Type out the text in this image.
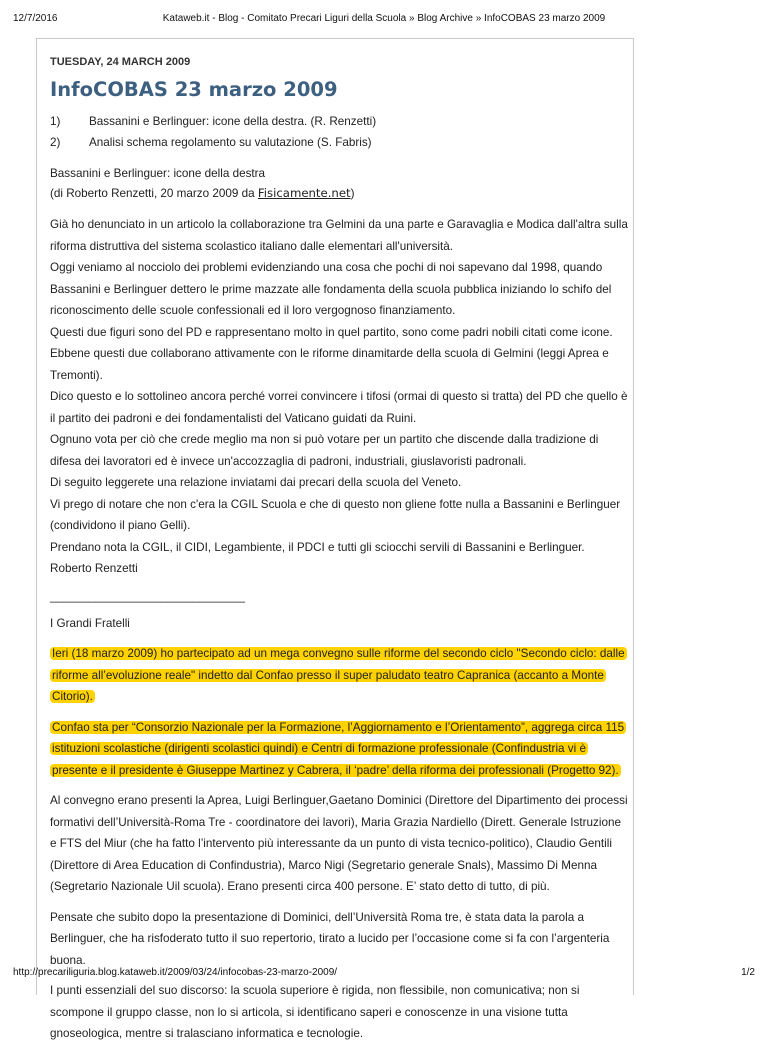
12/7/2016	Kataweb.it - Blog - Comitato Precari Liguri della Scuola » Blog Archive » InfoCOBAS 23 marzo 2009

TUESDAY, 24 MARCH 2009

InfoCOBAS 23 marzo 2009
1)	Bassanini e Berlinguer: icone della destra. (R. Renzetti)
2)	Analisi schema regolamento su valutazione (S. Fabris)

Bassanini e Berlinguer: icone della destra
(di Roberto Renzetti, 20 marzo 2009 da Fisicamente.net)

Già ho denunciato in un articolo la collaborazione tra Gelmini da una parte e Garavaglia e Modica dall'altra sulla riforma distruttiva del sistema scolastico italiano dalle elementari all'università.
Oggi veniamo al nocciolo dei problemi evidenziando una cosa che pochi di noi sapevano dal 1998, quando Bassanini e Berlinguer dettero le prime mazzate alle fondamenta della scuola pubblica iniziando lo schifo del riconoscimento delle scuole confessionali ed il loro vergognoso finanziamento.
Questi due figuri sono del PD e rappresentano molto in quel partito, sono come padri nobili citati come icone.
Ebbene questi due collaborano attivamente con le riforme dinamitarde della scuola di Gelmini (leggi Aprea e Tremonti).
Dico questo e lo sottolineo ancora perché vorrei convincere i tifosi (ormai di questo si tratta) del PD che quello è il partito dei padroni e dei fondamentalisti del Vaticano guidati da Ruini.
Ognuno vota per ciò che crede meglio ma non si può votare per un partito che discende dalla tradizione di difesa dei lavoratori ed è invece un'accozzaglia di padroni, industriali, giuslavoristi padronali.
Di seguito leggerete una relazione inviatami dai precari della scuola del Veneto.
Vi prego di notare che non c'era la CGIL Scuola e che di questo non gliene fotte nulla a Bassanini e Berlinguer (condividono il piano Gelli).
Prendano nota la CGIL, il CIDI, Legambiente, il PDCI e tutti gli sciocchi servili di Bassanini e Berlinguer.
Roberto Renzetti

______________________________

I Grandi Fratelli

Ieri (18 marzo 2009) ho partecipato ad un mega convegno sulle riforme del secondo ciclo "Secondo ciclo: dalle riforme all’evoluzione reale" indetto dal Confao presso il super paludato teatro Capranica (accanto a Monte Citorio).

Confao sta per “Consorzio Nazionale per la Formazione, l’Aggiornamento e l’Orientamento”, aggrega circa 115 istituzioni scolastiche (dirigenti scolastici quindi) e Centri di formazione professionale (Confindustria vi è presente e il presidente è Giuseppe Martinez y Cabrera, il ‘padre’ della riforma dei professionali (Progetto 92).

Al convegno erano presenti la Aprea, Luigi Berlinguer,Gaetano Dominici (Direttore del Dipartimento dei processi formativi dell’Università-Roma Tre - coordinatore dei lavori), Maria Grazia Nardiello (Dirett. Generale Istruzione e FTS del Miur (che ha fatto l’intervento più interessante da un punto di vista tecnico-politico), Claudio Gentili (Direttore di Area Education di Confindustria), Marco Nigi (Segretario generale Snals), Massimo Di Menna (Segretario Nazionale Uil scuola). Erano presenti circa 400 persone. E’ stato detto di tutto, di più.

Pensate che subito dopo la presentazione di Dominici, dell’Università Roma tre, è stata data la parola a Berlinguer, che ha risfoderato tutto il suo repertorio, tirato a lucido per l’occasione come si fa con l’argenteria buona.

I punti essenziali del suo discorso: la scuola superiore è rigida, non flessibile, non comunicativa; non si scompone il gruppo classe, non lo si articola, si identificano saperi e conoscenze in una visione tutta gnoseologica, mentre si tralasciano informatica e tecnologie.

http://precariliguria.blog.kataweb.it/2009/03/24/infocobas-23-marzo-2009/	1/2
